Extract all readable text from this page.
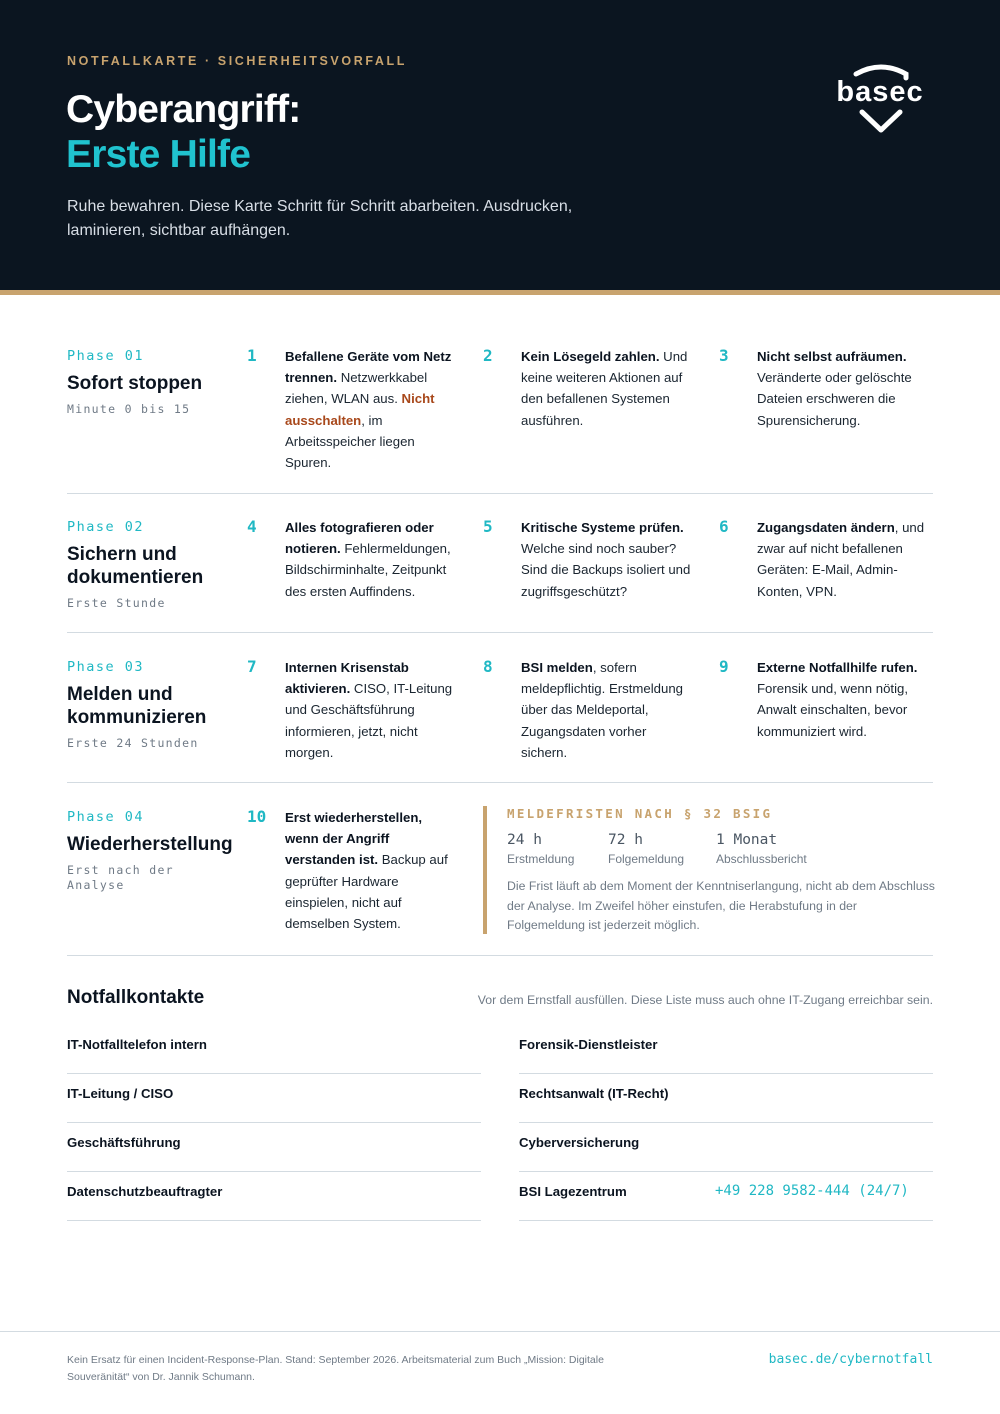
NOTFALLKARTE · SICHERHEITSVORFALL
Cyberangriff:
Erste Hilfe
Ruhe bewahren. Diese Karte Schritt für Schritt abarbeiten. Ausdrucken, laminieren, sichtbar aufhängen.
basec
Phase 01
Sofort stoppen
Minute 0 bis 15
1 Befallene Geräte vom Netz trennen. Netzwerkkabel ziehen, WLAN aus. Nicht ausschalten, im Arbeitsspeicher liegen Spuren.
2 Kein Lösegeld zahlen. Und keine weiteren Aktionen auf den befallenen Systemen ausführen.
3 Nicht selbst aufräumen. Veränderte oder gelöschte Dateien erschweren die Spurensicherung.
Phase 02
Sichern und dokumentieren
Erste Stunde
4 Alles fotografieren oder notieren. Fehlermeldungen, Bildschirminhalte, Zeitpunkt des ersten Auffindens.
5 Kritische Systeme prüfen. Welche sind noch sauber? Sind die Backups isoliert und zugriffsgeschützt?
6 Zugangsdaten ändern, und zwar auf nicht befallenen Geräten: E-Mail, Admin-Konten, VPN.
Phase 03
Melden und kommunizieren
Erste 24 Stunden
7 Internen Krisenstab aktivieren. CISO, IT-Leitung und Geschäftsführung informieren, jetzt, nicht morgen.
8 BSI melden, sofern meldepflichtig. Erstmeldung über das Meldeportal, Zugangsdaten vorher sichern.
9 Externe Notfallhilfe rufen. Forensik und, wenn nötig, Anwalt einschalten, bevor kommuniziert wird.
Phase 04
Wiederherstellung
Erst nach der Analyse
10 Erst wiederherstellen, wenn der Angriff verstanden ist. Backup auf geprüfter Hardware einspielen, nicht auf demselben System.
MELDEFRISTEN NACH § 32 BSIG
24 h
Erstmeldung
72 h
Folgemeldung
1 Monat
Abschlussbericht
Die Frist läuft ab dem Moment der Kenntniserlangung, nicht ab dem Abschluss der Analyse. Im Zweifel höher einstufen, die Herabstufung in der Folgemeldung ist jederzeit möglich.
Notfallkontakte	Vor dem Ernstfall ausfüllen. Diese Liste muss auch ohne IT-Zugang erreichbar sein.
IT-Notfalltelefon intern
IT-Leitung / CISO
Geschäftsführung
Datenschutzbeauftragter
Forensik-Dienstleister
Rechtsanwalt (IT-Recht)
Cyberversicherung
BSI Lagezentrum	+49 228 9582-444 (24/7)
Kein Ersatz für einen Incident-Response-Plan. Stand: September 2026. Arbeitsmaterial zum Buch „Mission: Digitale Souveränität“ von Dr. Jannik Schumann.
basec.de/cybernotfall
